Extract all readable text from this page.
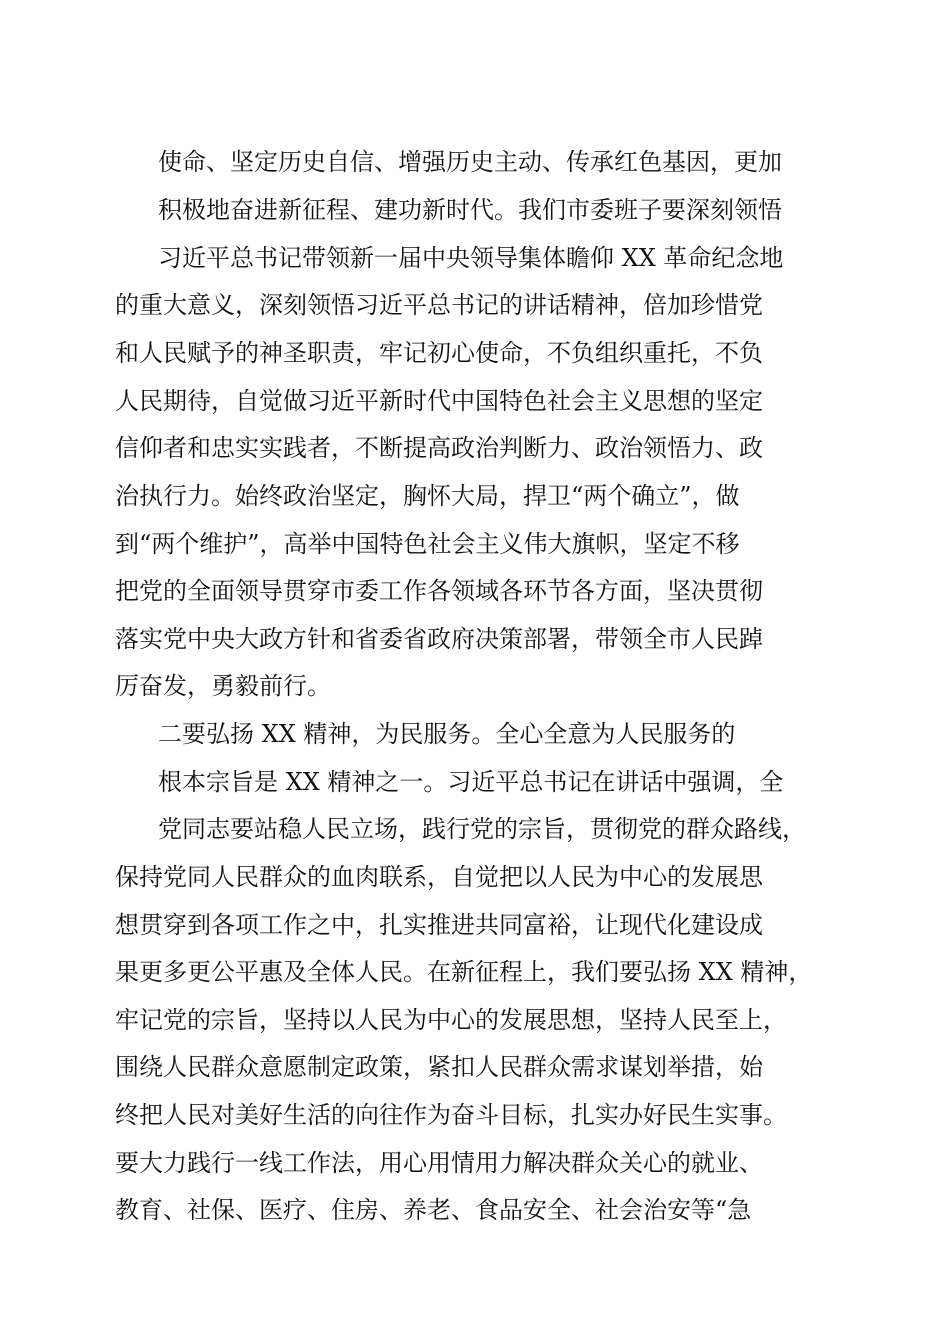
使命、坚定历史自信、增强历史主动、传承红色基因，更加
积极地奋进新征程、建功新时代。我们市委班子要深刻领悟
习近平总书记带领新一届中央领导集体瞻仰 XX 革命纪念地
的重大意义，深刻领悟习近平总书记的讲话精神，倍加珍惜党
和人民赋予的神圣职责，牢记初心使命，不负组织重托，不负
人民期待，自觉做习近平新时代中国特色社会主义思想的坚定
信仰者和忠实实践者，不断提高政治判断力、政治领悟力、政
治执行力。始终政治坚定，胸怀大局，捍卫“两个确立”，做
到“两个维护”，高举中国特色社会主义伟大旗帜，坚定不移
把党的全面领导贯穿市委工作各领域各环节各方面，坚决贯彻
落实党中央大政方针和省委省政府决策部署，带领全市人民踔
厉奋发，勇毅前行。
二要弘扬 XX 精神，为民服务。全心全意为人民服务的
根本宗旨是 XX 精神之一。习近平总书记在讲话中强调，全
党同志要站稳人民立场，践行党的宗旨，贯彻党的群众路线，
保持党同人民群众的血肉联系，自觉把以人民为中心的发展思
想贯穿到各项工作之中，扎实推进共同富裕，让现代化建设成
果更多更公平惠及全体人民。在新征程上，我们要弘扬 XX 精神，
牢记党的宗旨，坚持以人民为中心的发展思想，坚持人民至上，
围绕人民群众意愿制定政策，紧扣人民群众需求谋划举措，始
终把人民对美好生活的向往作为奋斗目标，扎实办好民生实事。
要大力践行一线工作法，用心用情用力解决群众关心的就业、
教育、社保、医疗、住房、养老、食品安全、社会治安等“急
